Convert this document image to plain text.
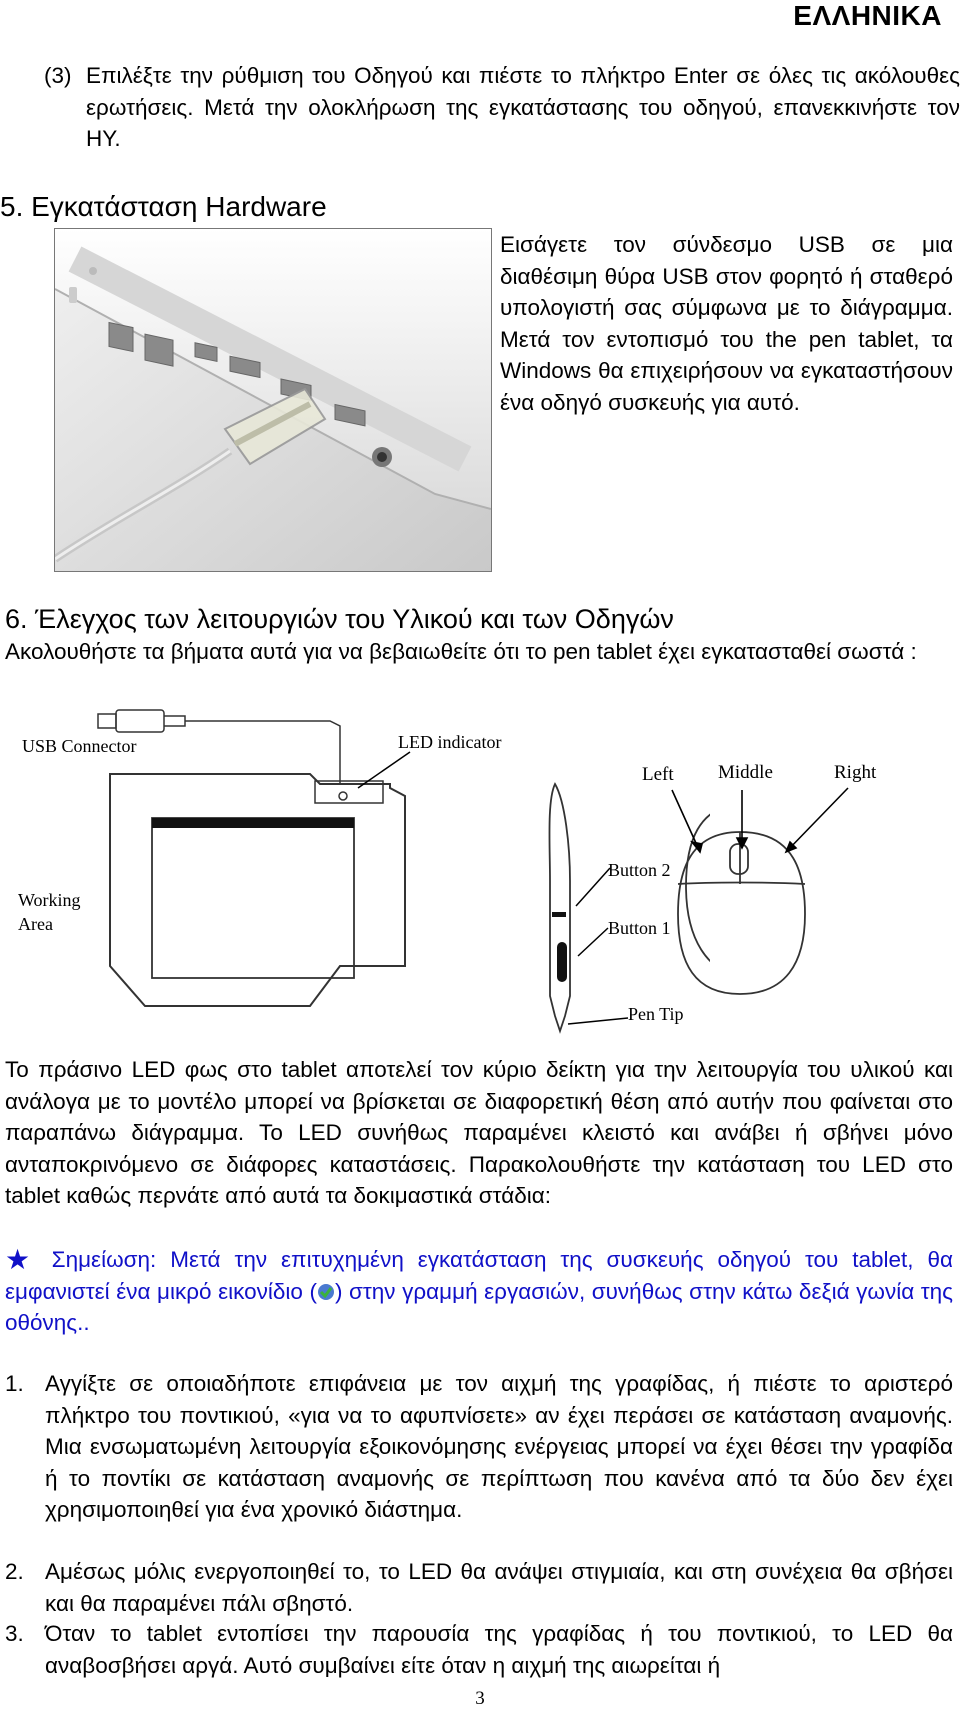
ΕΛΛΗΝΙΚΑ
(3) Επιλέξτε την ρύθμιση του Οδηγού και πιέστε το πλήκτρο Enter σε όλες τις ακόλουθες ερωτήσεις. Μετά την ολοκλήρωση της εγκατάστασης του οδηγού, επανεκκινήστε τον ΗΥ.
5. Εγκατάσταση Hardware
Εισάγετε τον σύνδεσμο USB σε μια διαθέσιμη θύρα USB στον φορητό ή σταθερό υπολογιστή σας σύμφωνα με το διάγραμμα. Μετά τον εντοπισμό του the pen tablet, τα Windows θα επιχειρήσουν να εγκαταστήσουν ένα οδηγό συσκευής για αυτό.
6. Έλεγχος των λειτουργιών του Υλικού και των Οδηγών
Ακολουθήστε τα βήματα αυτά για να βεβαιωθείτε ότι το pen tablet έχει εγκατασταθεί σωστά :
USB Connector	LED indicator
Working
Area
Button 2
Button 1
Pen Tip
Left Middle	Right
Το πράσινο LED φως στο tablet αποτελεί τον κύριο δείκτη για την λειτουργία του υλικού και ανάλογα με το μοντέλο μπορεί να βρίσκεται σε διαφορετική θέση από αυτήν που φαίνεται στο παραπάνω διάγραμμα. Το LED συνήθως παραμένει κλειστό και ανάβει ή σβήνει μόνο ανταποκρινόμενο σε διάφορες καταστάσεις. Παρακολουθήστε την κατάσταση του LED στο tablet καθώς περνάτε από αυτά τα δοκιμαστικά στάδια:
★ Σημείωση: Μετά την επιτυχημένη εγκατάσταση της συσκευής οδηγού του tablet, θα εμφανιστεί ένα μικρό εικονίδιο ( ) στην γραμμή εργασιών, συνήθως στην κάτω δεξιά γωνία της οθόνης..
1. Αγγίξτε σε οποιαδήποτε επιφάνεια με τον αιχμή της γραφίδας, ή πιέστε το αριστερό πλήκτρο του ποντικιού, «για να το αφυπνίσετε» αν έχει περάσει σε κατάσταση αναμονής. Μια ενσωματωμένη λειτουργία εξοικονόμησης ενέργειας μπορεί να έχει θέσει την γραφίδα ή το ποντίκι σε κατάσταση αναμονής σε περίπτωση που κανένα από τα δύο δεν έχει χρησιμοποιηθεί για ένα χρονικό διάστημα.
2. Αμέσως μόλις ενεργοποιηθεί το, το LED θα ανάψει στιγμιαία, και στη συνέχεια θα σβήσει και θα παραμένει πάλι σβηστό.
3. Όταν το tablet εντοπίσει την παρουσία της γραφίδας ή του ποντικιού, το LED θα αναβοσβήσει αργά. Αυτό συμβαίνει είτε όταν η αιχμή της αιωρείται ή
3
